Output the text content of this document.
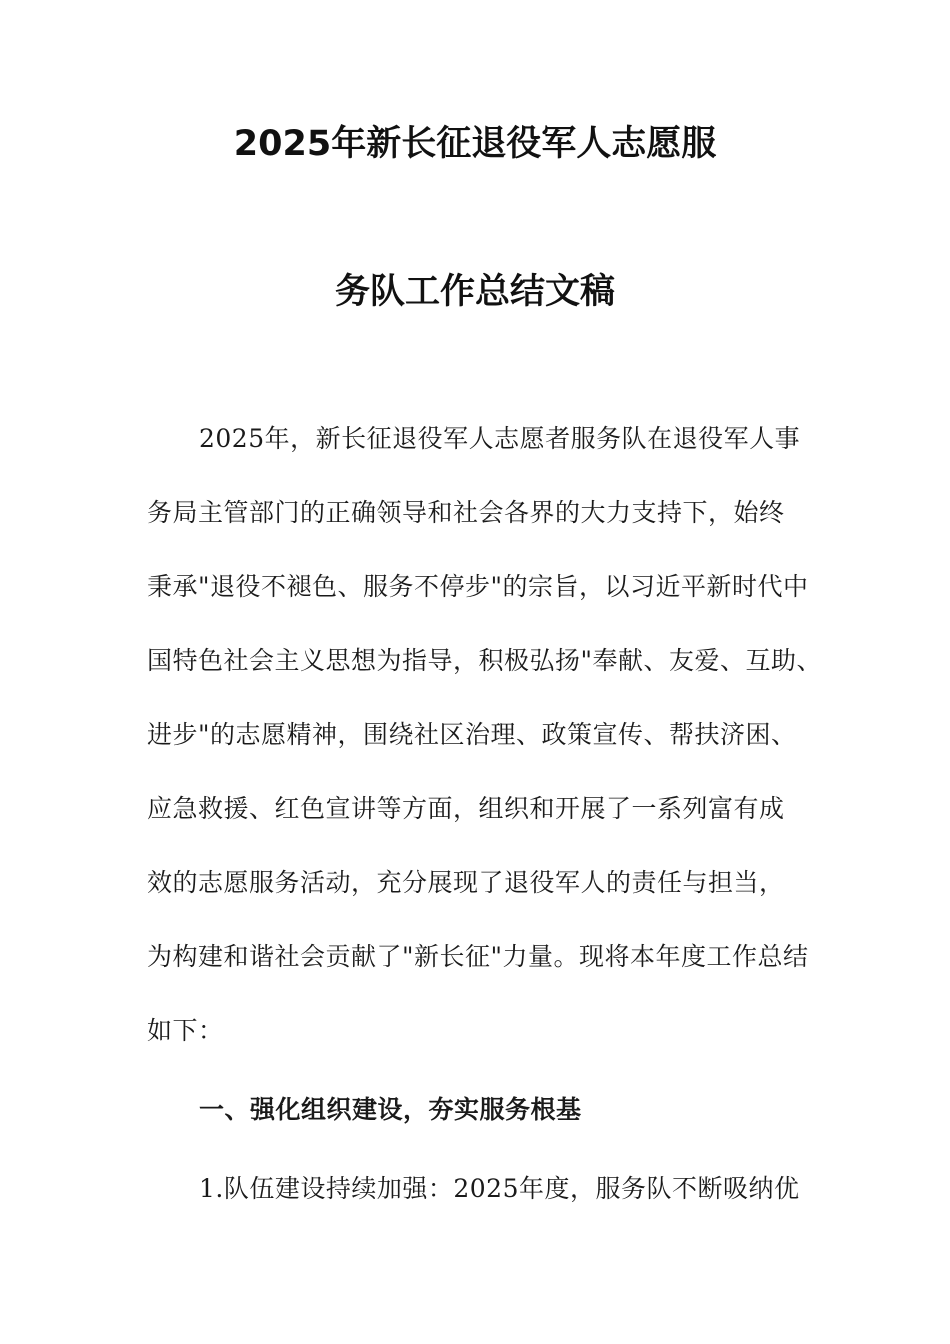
2025年新长征退役军人志愿服
务队工作总结文稿

2025年，新长征退役军人志愿者服务队在退役军人事

务局主管部门的正确领导和社会各界的大力支持下，始终

秉承"退役不褪色、服务不停步"的宗旨，以习近平新时代中

国特色社会主义思想为指导，积极弘扬"奉献、友爱、互助、

进步"的志愿精神，围绕社区治理、政策宣传、帮扶济困、

应急救援、红色宣讲等方面，组织和开展了一系列富有成

效的志愿服务活动，充分展现了退役军人的责任与担当，

为构建和谐社会贡献了"新长征"力量。现将本年度工作总结

如下：

一、强化组织建设，夯实服务根基

1.队伍建设持续加强：2025年度，服务队不断吸纳优
